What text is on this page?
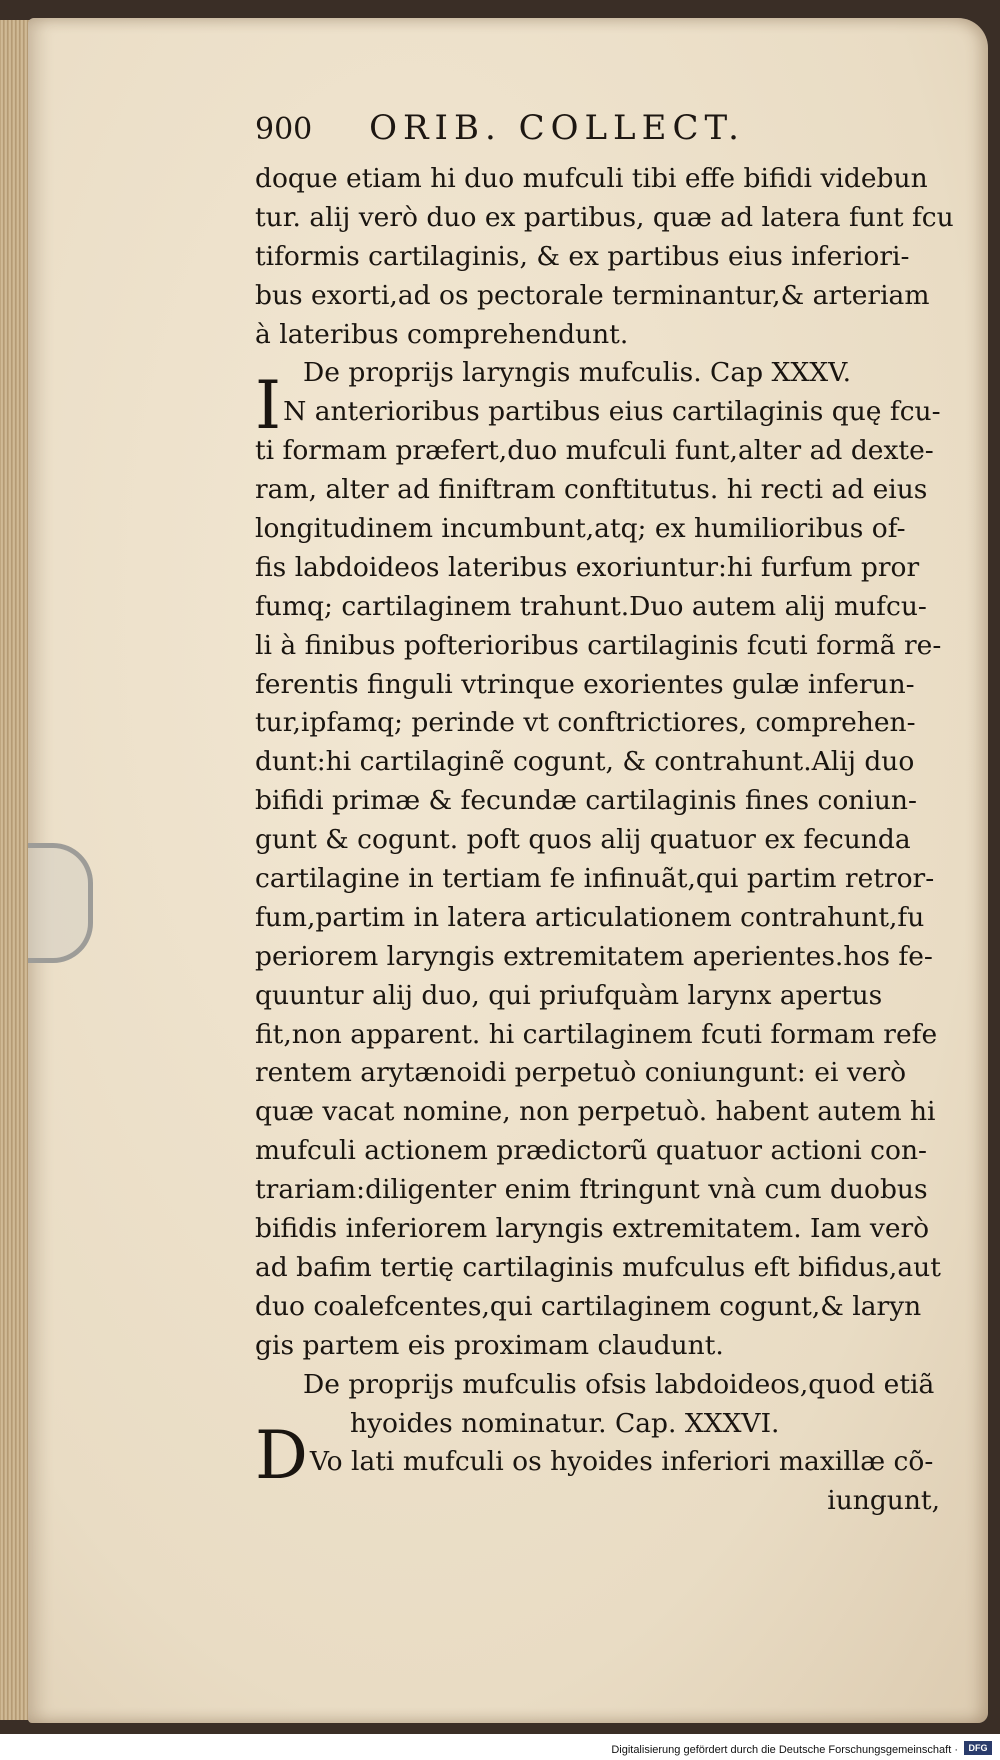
900 ORIB. COLLECT.
doque etiam hi duo mufculi tibi effe bifidi videbun
tur. alij verò duo ex partibus, quæ ad latera funt fcu
tiformis cartilaginis, & ex partibus eius inferiori-
bus exorti,ad os pectorale terminantur,& arteriam
à lateribus comprehendunt.
De proprijs laryngis mufculis. Cap XXXV.
IN anterioribus partibus eius cartilaginis quę fcu-
ti formam præfert,duo mufculi funt,alter ad dexte-
ram, alter ad finiftram conftitutus. hi recti ad eius
longitudinem incumbunt,atq; ex humilioribus of-
fis labdoideos lateribus exoriuntur:hi furfum pror
fumq; cartilaginem trahunt.Duo autem alij mufcu-
li à finibus pofterioribus cartilaginis fcuti formã re-
ferentis finguli vtrinque exorientes gulæ inferun-
tur,ipfamq; perinde vt conftrictiores, comprehen-
dunt:hi cartilaginẽ cogunt, & contrahunt.Alij duo
bifidi primæ & fecundæ cartilaginis fines coniun-
gunt & cogunt. poft quos alij quatuor ex fecunda
cartilagine in tertiam fe infinuãt,qui partim retror-
fum,partim in latera articulationem contrahunt,fu
periorem laryngis extremitatem aperientes.hos fe-
quuntur alij duo, qui priufquàm larynx apertus
fit,non apparent. hi cartilaginem fcuti formam refe
rentem arytænoidi perpetuò coniungunt: ei verò
quæ vacat nomine, non perpetuò. habent autem hi
mufculi actionem prædictorũ quatuor actioni con-
trariam:diligenter enim ftringunt vnà cum duobus
bifidis inferiorem laryngis extremitatem. Iam verò
ad bafim tertię cartilaginis mufculus eft bifidus,aut
duo coalefcentes,qui cartilaginem cogunt,& laryn
gis partem eis proximam claudunt.
De proprijs mufculis ofsis labdoideos,quod etiã
hyoides nominatur. Cap. XXXVI.
DVo lati mufculi os hyoides inferiori maxillæ cõ-
iungunt,
Digitalisierung gefördert durch die Deutsche Forschungsgemeinschaft ·	DFG
